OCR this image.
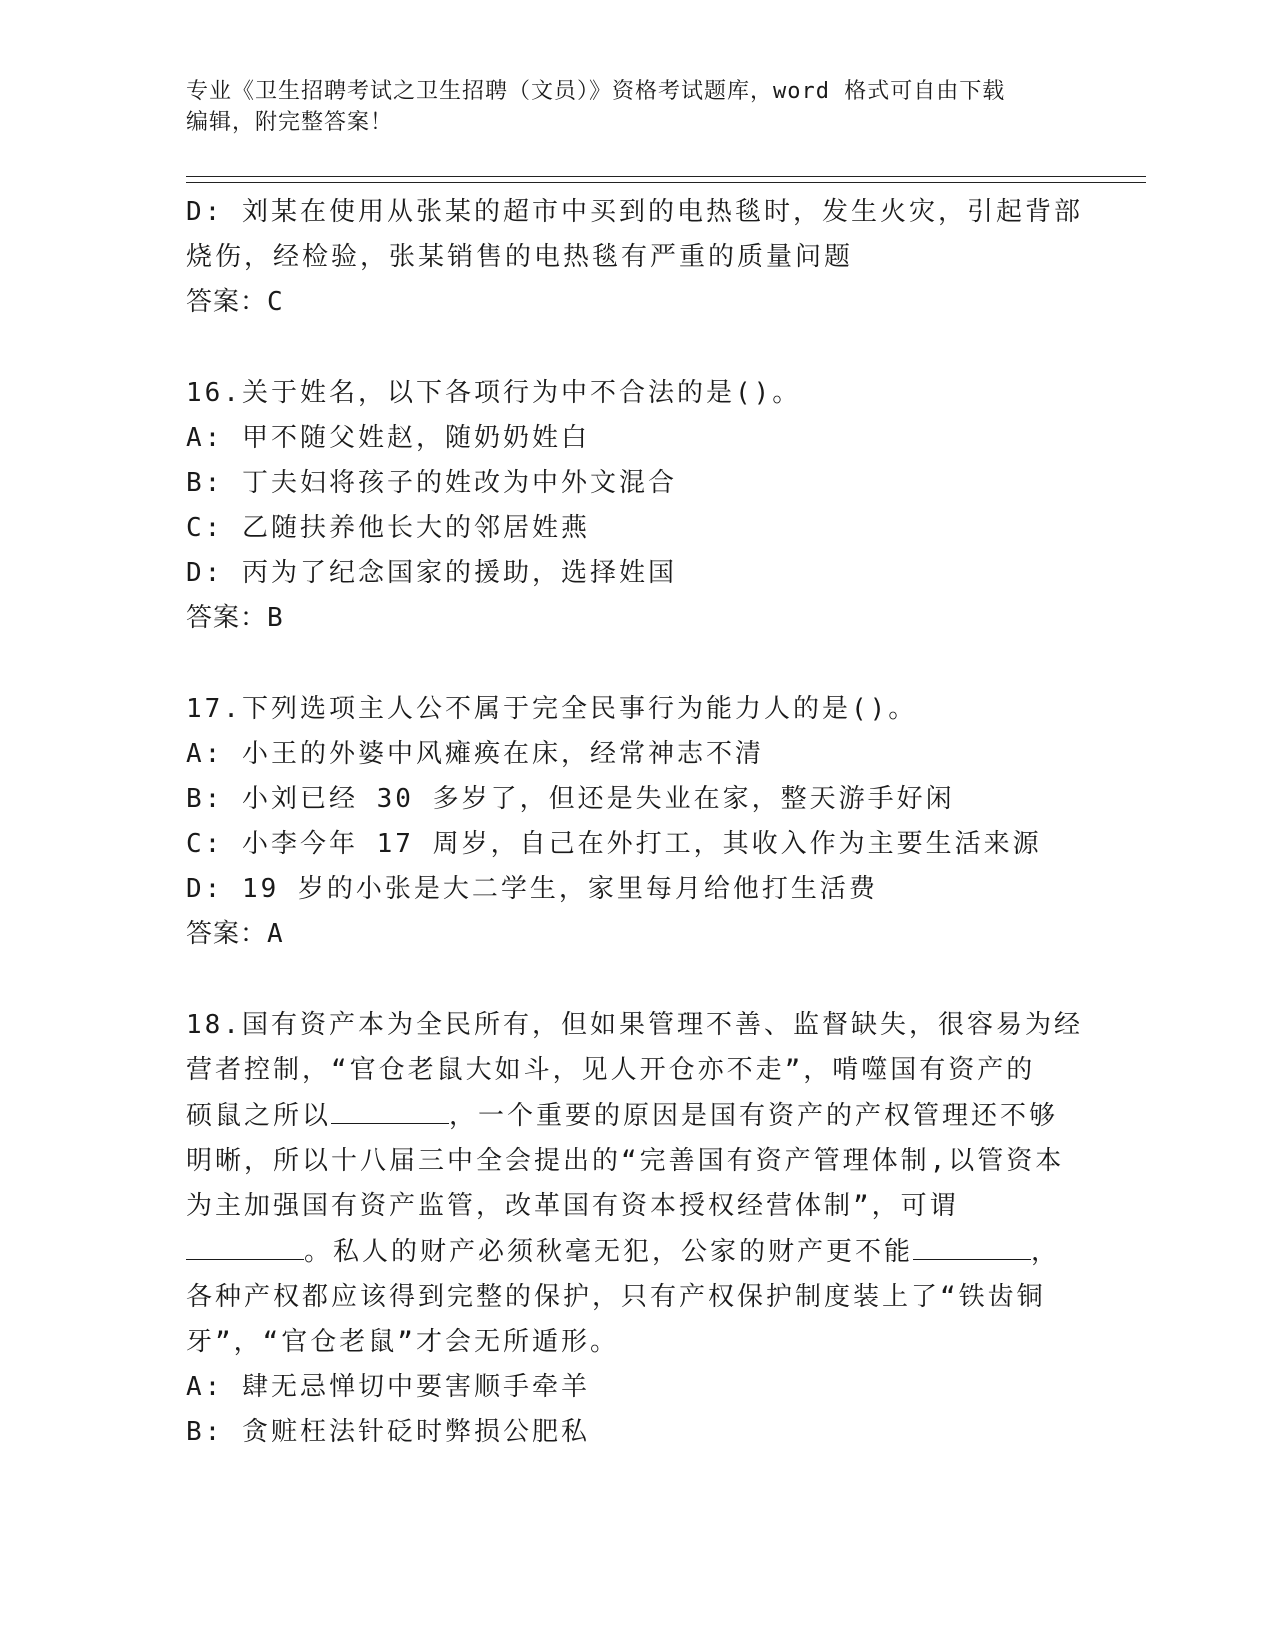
专业《卫生招聘考试之卫生招聘（文员）》资格考试题库，word 格式可自由下载
编辑，附完整答案！
D: 刘某在使用从张某的超市中买到的电热毯时，发生火灾，引起背部
烧伤，经检验，张某销售的电热毯有严重的质量问题
答案：C
16.关于姓名，以下各项行为中不合法的是()。
A: 甲不随父姓赵，随奶奶姓白
B: 丁夫妇将孩子的姓改为中外文混合
C: 乙随扶养他长大的邻居姓燕
D: 丙为了纪念国家的援助，选择姓国
答案：B
17.下列选项主人公不属于完全民事行为能力人的是()。
A: 小王的外婆中风瘫痪在床，经常神志不清
B: 小刘已经 30 多岁了，但还是失业在家，整天游手好闲
C: 小李今年 17 周岁，自己在外打工，其收入作为主要生活来源
D: 19 岁的小张是大二学生，家里每月给他打生活费
答案：A
18.国有资产本为全民所有，但如果管理不善、监督缺失，很容易为经
营者控制，“官仓老鼠大如斗，见人开仓亦不走”，啃噬国有资产的
硕鼠之所以	，一个重要的原因是国有资产的产权管理还不够
明晰，所以十八届三中全会提出的“完善国有资产管理体制,以管资本
为主加强国有资产监管，改革国有资本授权经营体制”，可谓
。私人的财产必须秋毫无犯，公家的财产更不能	，
各种产权都应该得到完整的保护，只有产权保护制度装上了“铁齿铜
牙”，“官仓老鼠”才会无所遁形。
A: 肆无忌惮切中要害顺手牵羊
B: 贪赃枉法针砭时弊损公肥私
